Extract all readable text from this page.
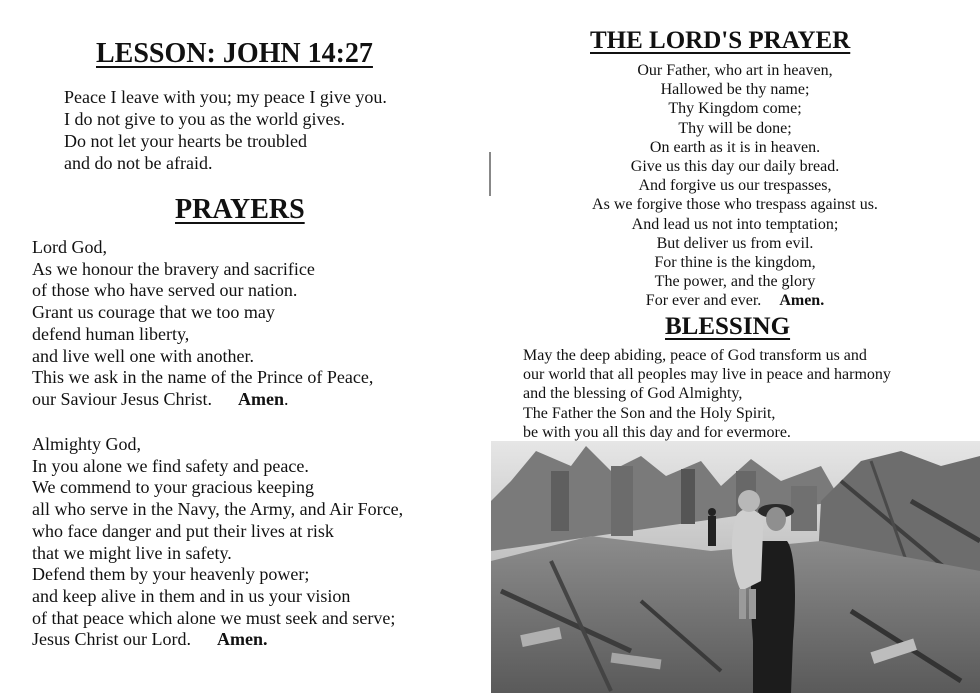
LESSON: JOHN 14:27
Peace I leave with you; my peace I give you.
I do not give to you as the world gives.
Do not let your hearts be troubled
and do not be afraid.
PRAYERS
Lord God,
As we honour the bravery and sacrifice
of those who have served our nation.
Grant us courage that we too may
defend human liberty,
and live well one with another.
This we ask in the name of the Prince of Peace,
our Saviour Jesus Christ. Amen.
Almighty God,
In you alone we find safety and peace.
We commend to your gracious keeping
all who serve in the Navy, the Army, and Air Force,
who face danger and put their lives at risk
that we might live in safety.
Defend them by your heavenly power;
and keep alive in them and in us your vision
of that peace which alone we must seek and serve;
Jesus Christ our Lord. Amen.
THE LORD'S PRAYER
Our Father, who art in heaven,
Hallowed be thy name;
Thy Kingdom come;
Thy will be done;
On earth as it is in heaven.
Give us this day our daily bread.
And forgive us our trespasses,
As we forgive those who trespass against us.
And lead us not into temptation;
But deliver us from evil.
For thine is the kingdom,
The power, and the glory
For ever and ever. Amen.
BLESSING
May the deep abiding, peace of God transform us and
our world that all peoples may live in peace and harmony
and the blessing of God Almighty,
The Father the Son and the Holy Spirit,
be with you all this day and for evermore.
